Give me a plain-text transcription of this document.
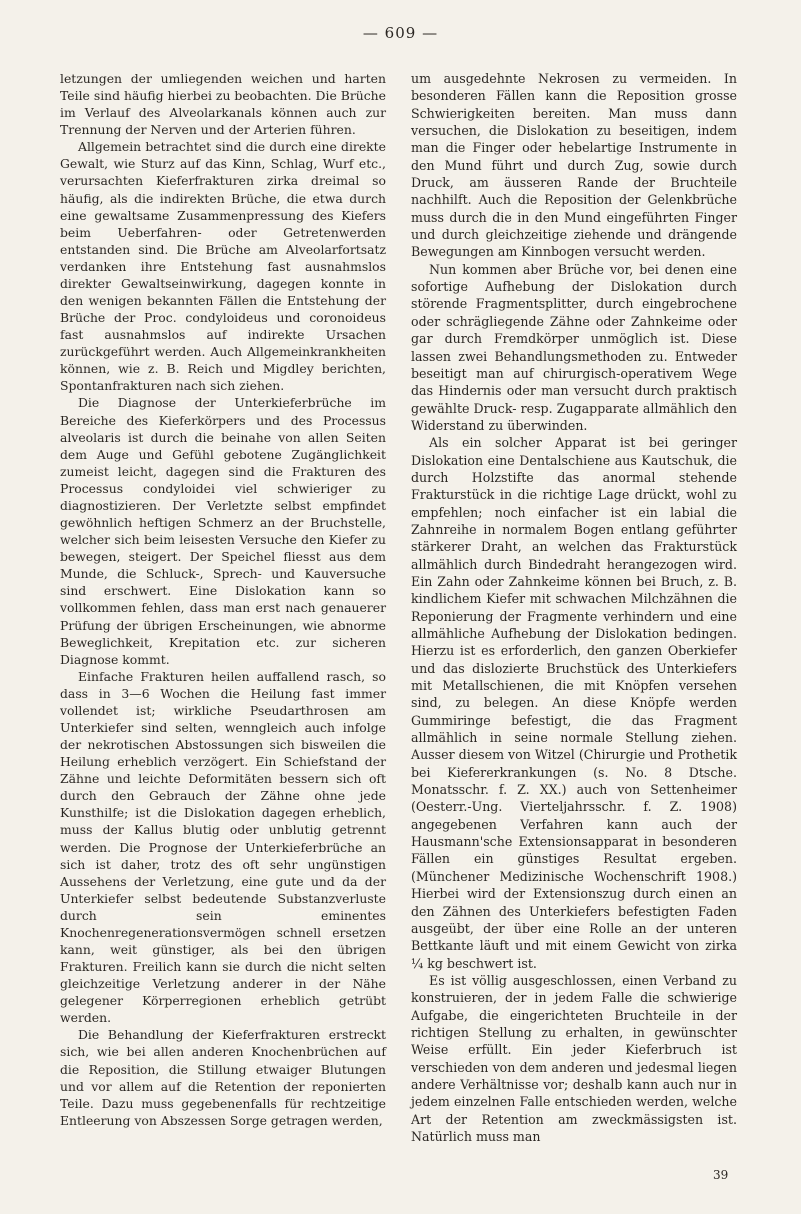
— 609 —

letzungen der umliegenden weichen und harten Teile sind häufig hierbei zu beobachten. Die Brüche im Verlauf des Alveolarkanals können auch zur Trennung der Nerven und der Arterien führen.

Allgemein betrachtet sind die durch eine direkte Gewalt, wie Sturz auf das Kinn, Schlag, Wurf etc., verursachten Kieferfrakturen zirka dreimal so häufig, als die indirekten Brüche, die etwa durch eine gewaltsame Zusammenpressung des Kiefers beim Ueberfahren- oder Getretenwerden entstanden sind. Die Brüche am Alveolarfortsatz verdanken ihre Entstehung fast ausnahmslos direkter Gewaltseinwirkung, dagegen konnte in den wenigen bekannten Fällen die Entstehung der Brüche der Proc. condyloideus und coronoideus fast ausnahmslos auf indirekte Ursachen zurückgeführt werden. Auch Allgemeinkrankheiten können, wie z. B. Reich und Migdley berichten, Spontanfrakturen nach sich ziehen.

Die Diagnose der Unterkieferbrüche im Bereiche des Kieferkörpers und des Processus alveolaris ist durch die beinahe von allen Seiten dem Auge und Gefühl gebotene Zugänglichkeit zumeist leicht, dagegen sind die Frakturen des Processus condyloidei viel schwieriger zu diagnostizieren. Der Verletzte selbst empfindet gewöhnlich heftigen Schmerz an der Bruchstelle, welcher sich beim leisesten Versuche den Kiefer zu bewegen, steigert. Der Speichel fliesst aus dem Munde, die Schluck-, Sprech- und Kauversuche sind erschwert. Eine Dislokation kann so vollkommen fehlen, dass man erst nach genauerer Prüfung der übrigen Erscheinungen, wie abnorme Beweglichkeit, Krepitation etc. zur sicheren Diagnose kommt.

Einfache Frakturen heilen auffallend rasch, so dass in 3—6 Wochen die Heilung fast immer vollendet ist; wirkliche Pseudarthrosen am Unterkiefer sind selten, wenngleich auch infolge der nekrotischen Abstossungen sich bisweilen die Heilung erheblich verzögert. Ein Schiefstand der Zähne und leichte Deformitäten bessern sich oft durch den Gebrauch der Zähne ohne jede Kunsthilfe; ist die Dislokation dagegen erheblich, muss der Kallus blutig oder unblutig getrennt werden. Die Prognose der Unterkieferbrüche an sich ist daher, trotz des oft sehr ungünstigen Aussehens der Verletzung, eine gute und da der Unterkiefer selbst bedeutende Substanzverluste durch sein eminentes Knochenregenerationsvermögen schnell ersetzen kann, weit günstiger, als bei den übrigen Frakturen. Freilich kann sie durch die nicht selten gleichzeitige Verletzung anderer in der Nähe gelegener Körperregionen erheblich getrübt werden.

Die Behandlung der Kieferfrakturen erstreckt sich, wie bei allen anderen Knochenbrüchen auf die Reposition, die Stillung etwaiger Blutungen und vor allem auf die Retention der reponierten Teile. Dazu muss gegebenenfalls für rechtzeitige Entleerung von Abszessen Sorge getragen werden,

um ausgedehnte Nekrosen zu vermeiden. In besonderen Fällen kann die Reposition grosse Schwierigkeiten bereiten. Man muss dann versuchen, die Dislokation zu beseitigen, indem man die Finger oder hebelartige Instrumente in den Mund führt und durch Zug, sowie durch Druck, am äusseren Rande der Bruchteile nachhilft. Auch die Reposition der Gelenkbrüche muss durch die in den Mund eingeführten Finger und durch gleichzeitige ziehende und drängende Bewegungen am Kinnbogen versucht werden.

Nun kommen aber Brüche vor, bei denen eine sofortige Aufhebung der Dislokation durch störende Fragmentsplitter, durch eingebrochene oder schrägliegende Zähne oder Zahnkeime oder gar durch Fremdkörper unmöglich ist. Diese lassen zwei Behandlungsmethoden zu. Entweder beseitigt man auf chirurgisch-operativem Wege das Hindernis oder man versucht durch praktisch gewählte Druck- resp. Zugapparate allmählich den Widerstand zu überwinden.

Als ein solcher Apparat ist bei geringer Dislokation eine Dentalschiene aus Kautschuk, die durch Holzstifte das anormal stehende Frakturstück in die richtige Lage drückt, wohl zu empfehlen; noch einfacher ist ein labial die Zahnreihe in normalem Bogen entlang geführter stärkerer Draht, an welchen das Frakturstück allmählich durch Bindedraht herangezogen wird. Ein Zahn oder Zahnkeime können bei Bruch, z. B. kindlichem Kiefer mit schwachen Milchzähnen die Reponierung der Fragmente verhindern und eine allmähliche Aufhebung der Dislokation bedingen. Hierzu ist es erforderlich, den ganzen Oberkiefer und das dislozierte Bruchstück des Unterkiefers mit Metallschienen, die mit Knöpfen versehen sind, zu belegen. An diese Knöpfe werden Gummiringe befestigt, die das Fragment allmählich in seine normale Stellung ziehen. Ausser diesem von Witzel (Chirurgie und Prothetik bei Kiefererkrankungen (s. No. 8 Dtsche. Monatsschr. f. Z. XX.) auch von Settenheimer (Oesterr.-Ung. Vierteljahrsschr. f. Z. 1908) angegebenen Verfahren kann auch der Hausmann'sche Extensionsapparat in besonderen Fällen ein günstiges Resultat ergeben. (Münchener Medizinische Wochenschrift 1908.) Hierbei wird der Extensionszug durch einen an den Zähnen des Unterkiefers befestigten Faden ausgeübt, der über eine Rolle an der unteren Bettkante läuft und mit einem Gewicht von zirka ¼ kg beschwert ist.

Es ist völlig ausgeschlossen, einen Verband zu konstruieren, der in jedem Falle die schwierige Aufgabe, die eingerichteten Bruchteile in der richtigen Stellung zu erhalten, in gewünschter Weise erfüllt. Ein jeder Kieferbruch ist verschieden von dem anderen und jedesmal liegen andere Verhältnisse vor; deshalb kann auch nur in jedem einzelnen Falle entschieden werden, welche Art der Retention am zweckmässigsten ist. Natürlich muss man

39
